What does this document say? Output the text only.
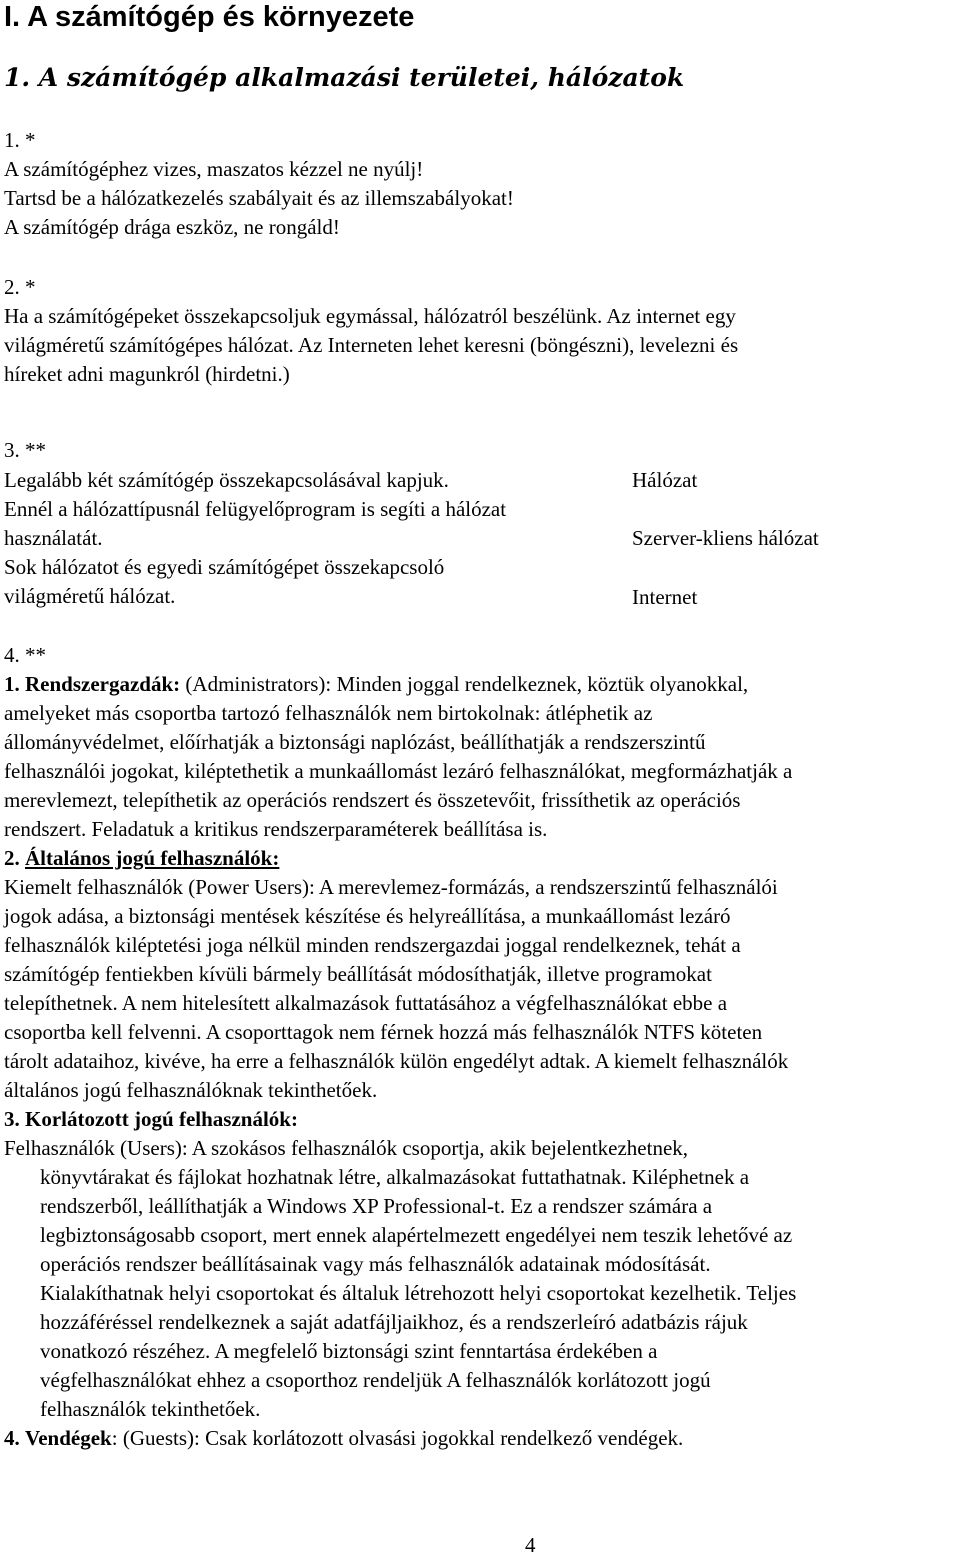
I. A számítógép és környezete
1. A számítógép alkalmazási területei, hálózatok
1. *
A számítógéphez vizes, maszatos kézzel ne nyúlj!
Tartsd be a hálózatkezelés szabályait és az illemszabályokat!
A számítógép drága eszköz, ne rongáld!
2. *
Ha a számítógépeket összekapcsoljuk egymással, hálózatról beszélünk. Az internet egy
világméretű számítógépes hálózat. Az Interneten lehet keresni (böngészni), levelezni és
híreket adni magunkról (hirdetni.)
3. **
Legalább két számítógép összekapcsolásával kapjuk.
Ennél a hálózattípusnál felügyelőprogram is segíti a hálózat
használatát.
Sok hálózatot és egyedi számítógépet összekapcsoló
világméretű hálózat.
Hálózat
Szerver-kliens hálózat
Internet
4. **
1. Rendszergazdák: (Administrators): Minden joggal rendelkeznek, köztük olyanokkal,
amelyeket más csoportba tartozó felhasználók nem birtokolnak: átléphetik az
állományvédelmet, előírhatják a biztonsági naplózást, beállíthatják a rendszerszintű
felhasználói jogokat, kiléptethetik a munkaállomást lezáró felhasználókat, megformázhatják a
merevlemezt, telepíthetik az operációs rendszert és összetevőit, frissíthetik az operációs
rendszert. Feladatuk a kritikus rendszerparaméterek beállítása is.
2. Általános jogú felhasználók:
Kiemelt felhasználók (Power Users): A merevlemez-formázás, a rendszerszintű felhasználói
jogok adása, a biztonsági mentések készítése és helyreállítása, a munkaállomást lezáró
felhasználók kiléptetési joga nélkül minden rendszergazdai joggal rendelkeznek, tehát a
számítógép fentiekben kívüli bármely beállítását módosíthatják, illetve programokat
telepíthetnek. A nem hitelesített alkalmazások futtatásához a végfelhasználókat ebbe a
csoportba kell felvenni. A csoporttagok nem férnek hozzá más felhasználók NTFS köteten
tárolt adataihoz, kivéve, ha erre a felhasználók külön engedélyt adtak. A kiemelt felhasználók
általános jogú felhasználóknak tekinthetőek.
3. Korlátozott jogú felhasználók:
Felhasználók (Users): A szokásos felhasználók csoportja, akik bejelentkezhetnek,
könyvtárakat és fájlokat hozhatnak létre, alkalmazásokat futtathatnak. Kiléphetnek a
rendszerből, leállíthatják a Windows XP Professional-t. Ez a rendszer számára a
legbiztonságosabb csoport, mert ennek alapértelmezett engedélyei nem teszik lehetővé az
operációs rendszer beállításainak vagy más felhasználók adatainak módosítását.
Kialakíthatnak helyi csoportokat és általuk létrehozott helyi csoportokat kezelhetik. Teljes
hozzáféréssel rendelkeznek a saját adatfájljaikhoz, és a rendszerleíró adatbázis rájuk
vonatkozó részéhez. A megfelelő biztonsági szint fenntartása érdekében a
végfelhasználókat ehhez a csoporthoz rendeljük A felhasználók korlátozott jogú
felhasználók tekinthetőek.
4. Vendégek: (Guests): Csak korlátozott olvasási jogokkal rendelkező vendégek.
4
